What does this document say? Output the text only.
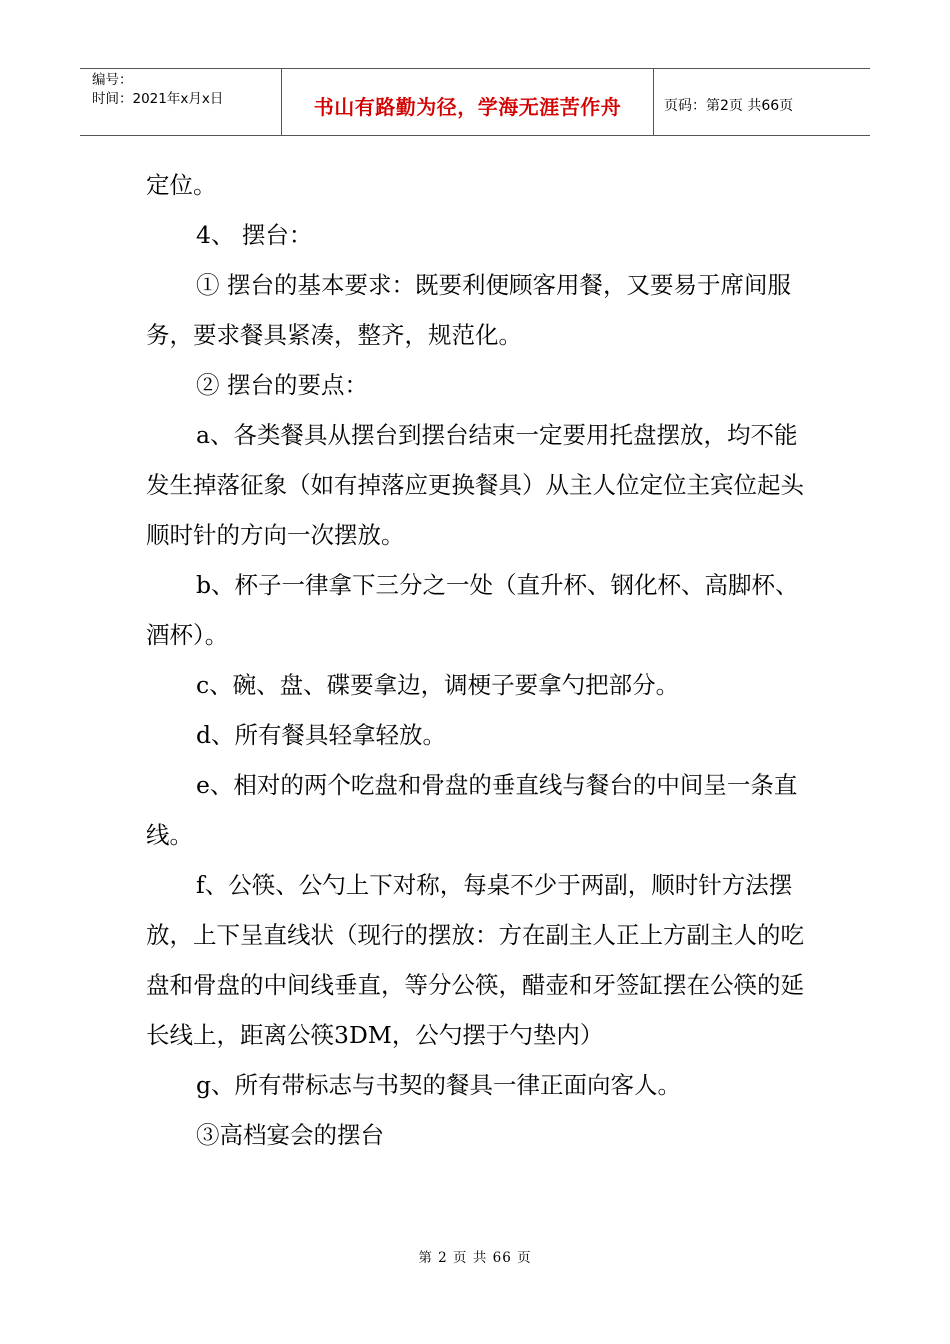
编号：
时间：2021年x月x日	书山有路勤为径，学海无涯苦作舟	页码：第2页 共66页

定位。

4、 摆台：

① 摆台的基本要求：既要利便顾客用餐，又要易于席间服务，要求餐具紧凑，整齐，规范化。

② 摆台的要点：

a、各类餐具从摆台到摆台结束一定要用托盘摆放，均不能发生掉落征象（如有掉落应更换餐具）从主人位定位主宾位起头顺时针的方向一次摆放。

b、杯子一律拿下三分之一处（直升杯、钢化杯、高脚杯、酒杯）。

c、碗、盘、碟要拿边，调梗子要拿勺把部分。

d、所有餐具轻拿轻放。

e、相对的两个吃盘和骨盘的垂直线与餐台的中间呈一条直线。

f、公筷、公勺上下对称，每桌不少于两副，顺时针方法摆放，上下呈直线状（现行的摆放：方在副主人正上方副主人的吃盘和骨盘的中间线垂直，等分公筷，醋壶和牙签缸摆在公筷的延长线上，距离公筷3DM，公勺摆于勺垫内）

g、所有带标志与书契的餐具一律正面向客人。

③高档宴会的摆台

第 2 页 共 66 页
